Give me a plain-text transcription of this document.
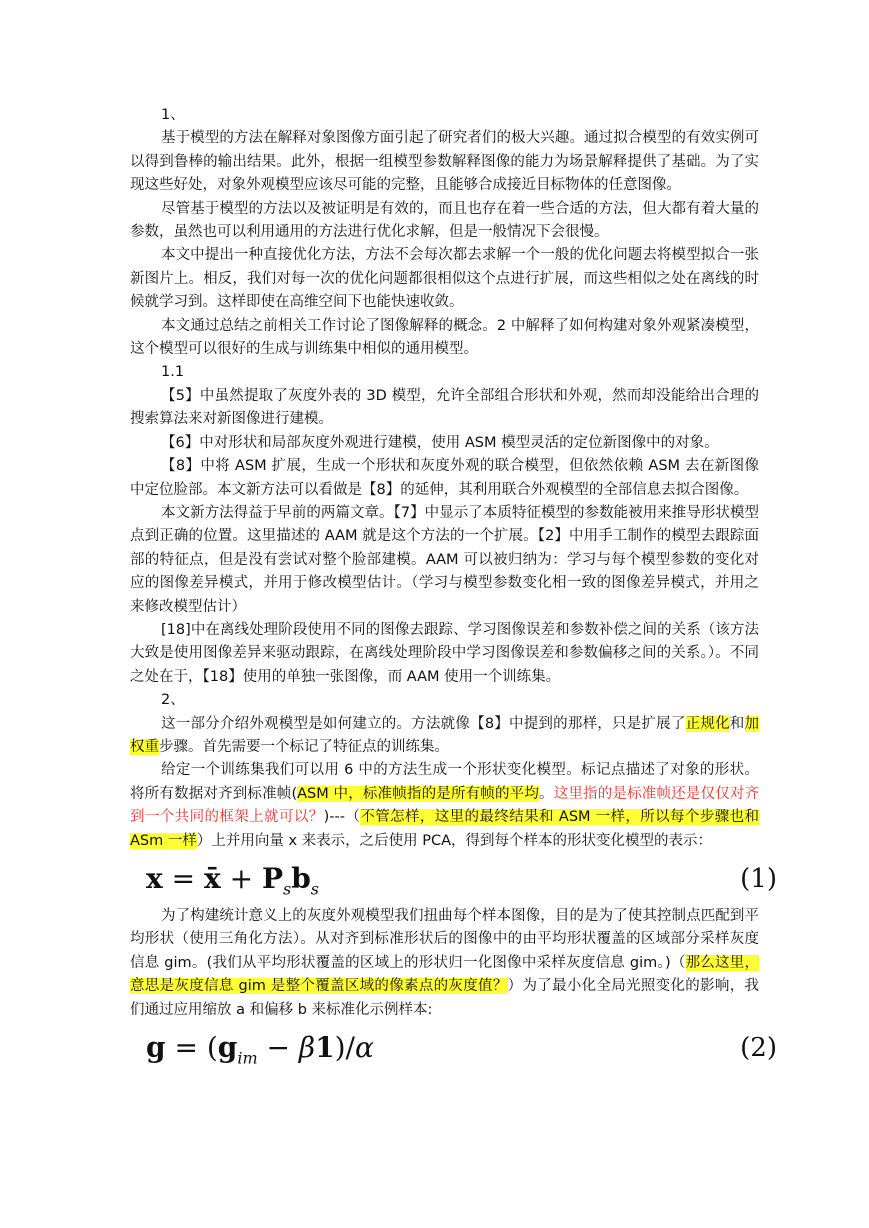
1、

基于模型的方法在解释对象图像方面引起了研究者们的极大兴趣。通过拟合模型的有效实例可以得到鲁棒的输出结果。此外，根据一组模型参数解释图像的能力为场景解释提供了基础。为了实现这些好处，对象外观模型应该尽可能的完整，且能够合成接近目标物体的任意图像。

尽管基于模型的方法以及被证明是有效的，而且也存在着一些合适的方法，但大都有着大量的参数，虽然也可以利用通用的方法进行优化求解，但是一般情况下会很慢。

本文中提出一种直接优化方法，方法不会每次都去求解一个一般的优化问题去将模型拟合一张新图片上。相反，我们对每一次的优化问题都很相似这个点进行扩展，而这些相似之处在离线的时候就学习到。这样即使在高维空间下也能快速收敛。

本文通过总结之前相关工作讨论了图像解释的概念。2 中解释了如何构建对象外观紧凑模型，这个模型可以很好的生成与训练集中相似的通用模型。

1.1

【5】中虽然提取了灰度外表的 3D 模型，允许全部组合形状和外观，然而却没能给出合理的搜索算法来对新图像进行建模。

【6】中对形状和局部灰度外观进行建模，使用 ASM 模型灵活的定位新图像中的对象。

【8】中将 ASM 扩展，生成一个形状和灰度外观的联合模型，但依然依赖 ASM 去在新图像中定位脸部。本文新方法可以看做是【8】的延伸，其利用联合外观模型的全部信息去拟合图像。

本文新方法得益于早前的两篇文章。【7】中显示了本质特征模型的参数能被用来推导形状模型点到正确的位置。这里描述的 AAM 就是这个方法的一个扩展。【2】中用手工制作的模型去跟踪面部的特征点，但是没有尝试对整个脸部建模。AAM 可以被归纳为：学习与每个模型参数的变化对应的图像差异模式，并用于修改模型估计。（学习与模型参数变化相一致的图像差异模式，并用之来修改模型估计）

[18]中在离线处理阶段使用不同的图像去跟踪、学习图像误差和参数补偿之间的关系（该方法大致是使用图像差异来驱动跟踪，在离线处理阶段中学习图像误差和参数偏移之间的关系。）。不同之处在于，【18】使用的单独一张图像，而 AAM 使用一个训练集。

2、

这一部分介绍外观模型是如何建立的。方法就像【8】中提到的那样，只是扩展了正规化和加权重步骤。首先需要一个标记了特征点的训练集。

给定一个训练集我们可以用 6 中的方法生成一个形状变化模型。标记点描述了对象的形状。将所有数据对齐到标准帧(ASM 中，标准帧指的是所有帧的平均。这里指的是标准帧还是仅仅对齐到一个共同的框架上就可以？)---（不管怎样，这里的最终结果和 ASM 一样，所以每个步骤也和 ASm 一样）上并用向量 x 来表示，之后使用 PCA，得到每个样本的形状变化模型的表示：

x = x̄ + $P_sb_s$	(1)

为了构建统计意义上的灰度外观模型我们扭曲每个样本图像，目的是为了使其控制点匹配到平均形状（使用三角化方法）。从对齐到标准形状后的图像中的由平均形状覆盖的区域部分采样灰度信息 gim。(我们从平均形状覆盖的区域上的形状归一化图像中采样灰度信息 gim。)（那么这里，意思是灰度信息 gim 是整个覆盖区域的像素点的灰度值？）为了最小化全局光照变化的影响，我们通过应用缩放 a 和偏移 b 来标准化示例样本:

$g = (g_{im} - \beta 1)/\alpha$	(2)
